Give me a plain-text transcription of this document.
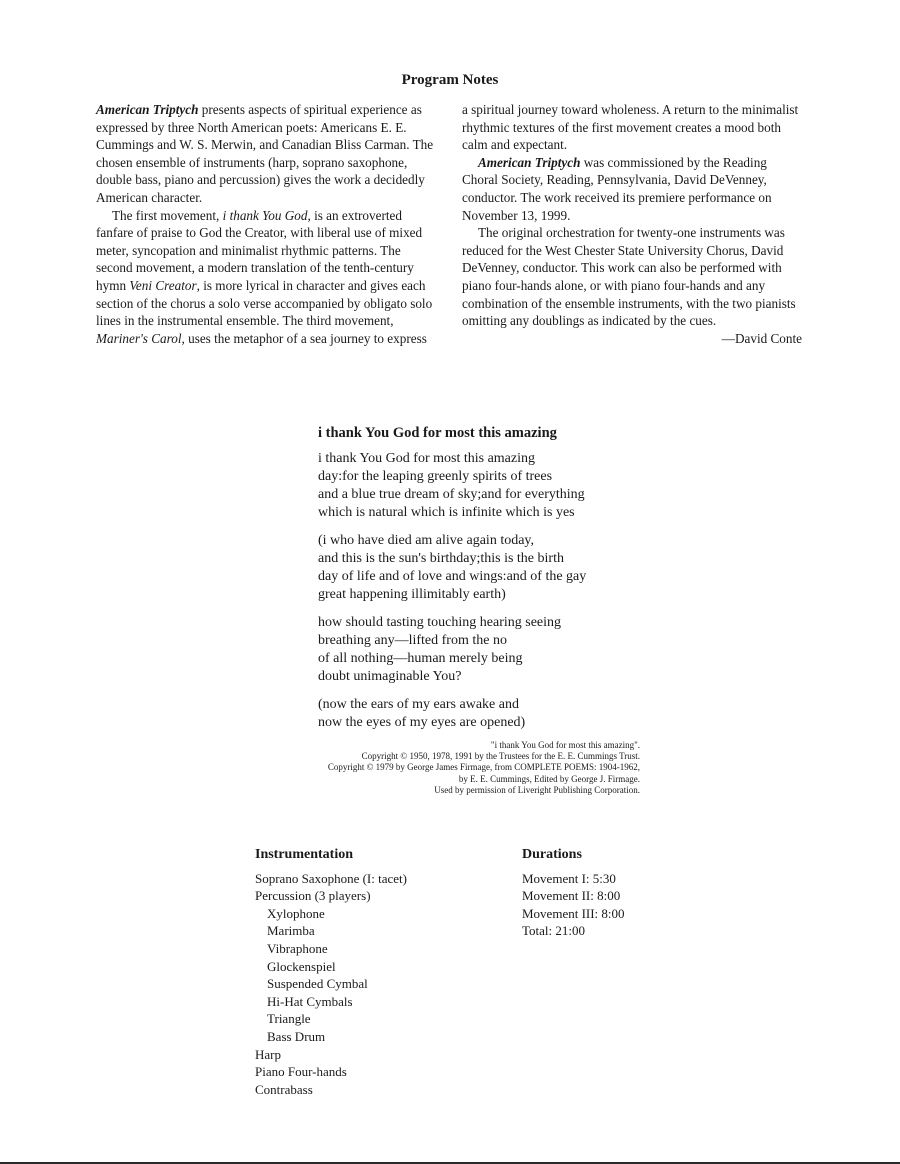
Program Notes

American Triptych presents aspects of spiritual experience as expressed by three North American poets: Americans E. E. Cummings and W. S. Merwin, and Canadian Bliss Carman. The chosen ensemble of instruments (harp, soprano saxophone, double bass, piano and percussion) gives the work a decidedly American character.

The first movement, i thank You God, is an extroverted fanfare of praise to God the Creator, with liberal use of mixed meter, syncopation and minimalist rhythmic patterns. The second movement, a modern translation of the tenth-century hymn Veni Creator, is more lyrical in character and gives each section of the chorus a solo verse accompanied by obligato solo lines in the instrumental ensemble. The third movement, Mariner's Carol, uses the metaphor of a sea journey to express

a spiritual journey toward wholeness. A return to the minimalist rhythmic textures of the first movement creates a mood both calm and expectant.

American Triptych was commissioned by the Reading Choral Society, Reading, Pennsylvania, David DeVenney, conductor. The work received its premiere performance on November 13, 1999.

The original orchestration for twenty-one instruments was reduced for the West Chester State University Chorus, David DeVenney, conductor. This work can also be performed with piano four-hands alone, or with piano four-hands and any combination of the ensemble instruments, with the two pianists omitting any doublings as indicated by the cues.

—David Conte

i thank You God for most this amazing
i thank You God for most this amazing
day:for the leaping greenly spirits of trees
and a blue true dream of sky;and for everything
which is natural which is infinite which is yes
(i who have died am alive again today,
and this is the sun's birthday;this is the birth
day of life and of love and wings:and of the gay
great happening illimitably earth)
how should tasting touching hearing seeing
breathing any—lifted from the no
of all nothing—human merely being
doubt unimaginable You?
(now the ears of my ears awake and
now the eyes of my eyes are opened)
"i thank You God for most this amazing".
Copyright © 1950, 1978, 1991 by the Trustees for the E. E. Cummings Trust.
Copyright © 1979 by George James Firmage, from COMPLETE POEMS: 1904-1962,
by E. E. Cummings, Edited by George J. Firmage.
Used by permission of Liveright Publishing Corporation.
Instrumentation
Soprano Saxophone (I: tacet)
Percussion (3 players)
Xylophone
Marimba
Vibraphone
Glockenspiel
Suspended Cymbal
Hi-Hat Cymbals
Triangle
Bass Drum
Harp
Piano Four-hands
Contrabass
Durations
Movement I: 5:30
Movement II: 8:00
Movement III: 8:00
Total: 21:00
